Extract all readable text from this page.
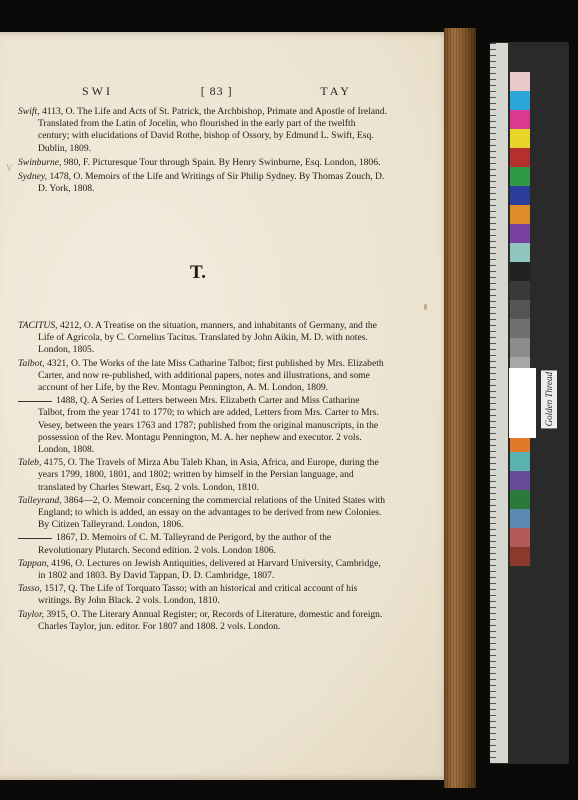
SWI	[ 83 ]	TAY
V

Swift, 4113, O. The Life and Acts of St. Patrick, the Archbishop, Primate and Apostle of Ireland. Translated from the Latin of Jocelin, who flourished in the early part of the twelfth century; with elucidations of David Rothe, bishop of Ossory, by Edmund L. Swift, Esq. Dublin, 1809.

Swinburne, 980, F. Picturesque Tour through Spain. By Henry Swinburne, Esq. London, 1806.

Sydney, 1478, O. Memoirs of the Life and Writings of Sir Philip Sydney. By Thomas Zouch, D. D. York, 1808.

T.

TACITUS, 4212, O. A Treatise on the situation, manners, and inhabitants of Germany, and the Life of Agricola, by C. Cornelius Tacitus. Translated by John Aikin, M. D. with notes. London, 1805.

Talbot, 4321, O. The Works of the late Miss Catharine Talbot; first published by Mrs. Elizabeth Carter, and now re-published, with additional papers, notes and illustrations, and some account of her Life, by the Rev. Montagu Pennington, A. M. London, 1809.

1488, Q. A Series of Letters between Mrs. Elizabeth Carter and Miss Catharine Talbot, from the year 1741 to 1770; to which are added, Letters from Mrs. Carter to Mrs. Vesey, between the years 1763 and 1787; published from the original manuscripts, in the possession of the Rev. Montagu Pennington, M. A. her nephew and executor. 2 vols. London, 1808.

Taleb, 4175, O. The Travels of Mirza Abu Taleb Khan, in Asia, Africa, and Europe, during the years 1799, 1800, 1801, and 1802; written by himself in the Persian language, and translated by Charles Stewart, Esq. 2 vols. London, 1810.

Talleyrand, 3864—2, O. Memoir concerning the commercial relations of the United States with England; to which is added, an essay on the advantages to be derived from new Colonies. By Citizen Talleyrand. London, 1806.

1867, D. Memoirs of C. M. Talleyrand de Perigord, by the author of the Revolutionary Plutarch. Second edition. 2 vols. London 1806.

Tappan, 4196, O. Lectures on Jewish Antiquities, delivered at Harvard University, Cambridge, in 1802 and 1803. By David Tappan, D. D. Cambridge, 1807.

Tasso, 1517, Q. The Life of Torquato Tasso; with an historical and critical account of his writings. By John Black. 2 vols. London, 1810.

Taylor, 3915, O. The Literary Annual Register; or, Records of Literature, domestic and foreign. Charles Taylor, jun. editor. For 1807 and 1808. 2 vols. London.

Golden Thread
